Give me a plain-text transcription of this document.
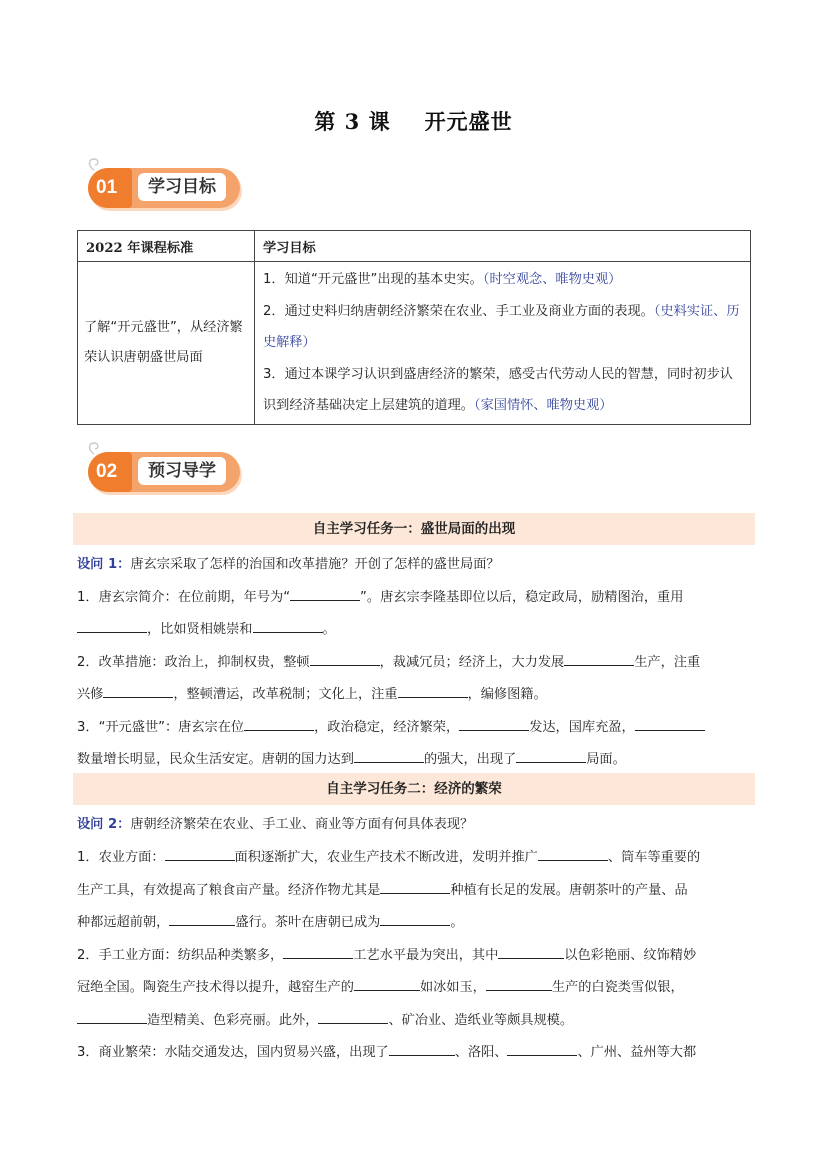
第 3 课 开元盛世
01	学习目标
2022 年课程标准	学习目标
了解“开元盛世”，从经济繁荣认识唐朝盛世局面	1．知道“开元盛世”出现的基本史实。（时空观念、唯物史观）
2．通过史料归纳唐朝经济繁荣在农业、手工业及商业方面的表现。（史料实证、历史解释）
3．通过本课学习认识到盛唐经济的繁荣，感受古代劳动人民的智慧，同时初步认识到经济基础决定上层建筑的道理。（家国情怀、唯物史观）
02	预习导学
自主学习任务一：盛世局面的出现
设问 1：唐玄宗采取了怎样的治国和改革措施？开创了怎样的盛世局面？
1．唐玄宗简介：在位前期，年号为“	”。唐玄宗李隆基即位以后，稳定政局，励精图治，重用
，比如贤相姚崇和	。
2．改革措施：政治上，抑制权贵，整顿	，裁减冗员；经济上，大力发展	生产，注重
兴修	，整顿漕运，改革税制；文化上，注重	，编修图籍。
3．“开元盛世”：唐玄宗在位	，政治稳定，经济繁荣，	发达，国库充盈，
数量增长明显，民众生活安定。唐朝的国力达到	的强大，出现了	局面。
自主学习任务二：经济的繁荣
设问 2：唐朝经济繁荣在农业、手工业、商业等方面有何具体表现？
1．农业方面：	面积逐渐扩大，农业生产技术不断改进，发明并推广	、筒车等重要的
生产工具，有效提高了粮食亩产量。经济作物尤其是	种植有长足的发展。唐朝茶叶的产量、品
种都远超前朝，	盛行。茶叶在唐朝已成为	。
2．手工业方面：纺织品种类繁多，	工艺水平最为突出，其中	以色彩艳丽、纹饰精妙
冠绝全国。陶瓷生产技术得以提升，越窑生产的	如冰如玉，	生产的白瓷类雪似银，
造型精美、色彩亮丽。此外，	、矿冶业、造纸业等颇具规模。
3．商业繁荣：水陆交通发达，国内贸易兴盛，出现了	、洛阳、	、广州、益州等大都
